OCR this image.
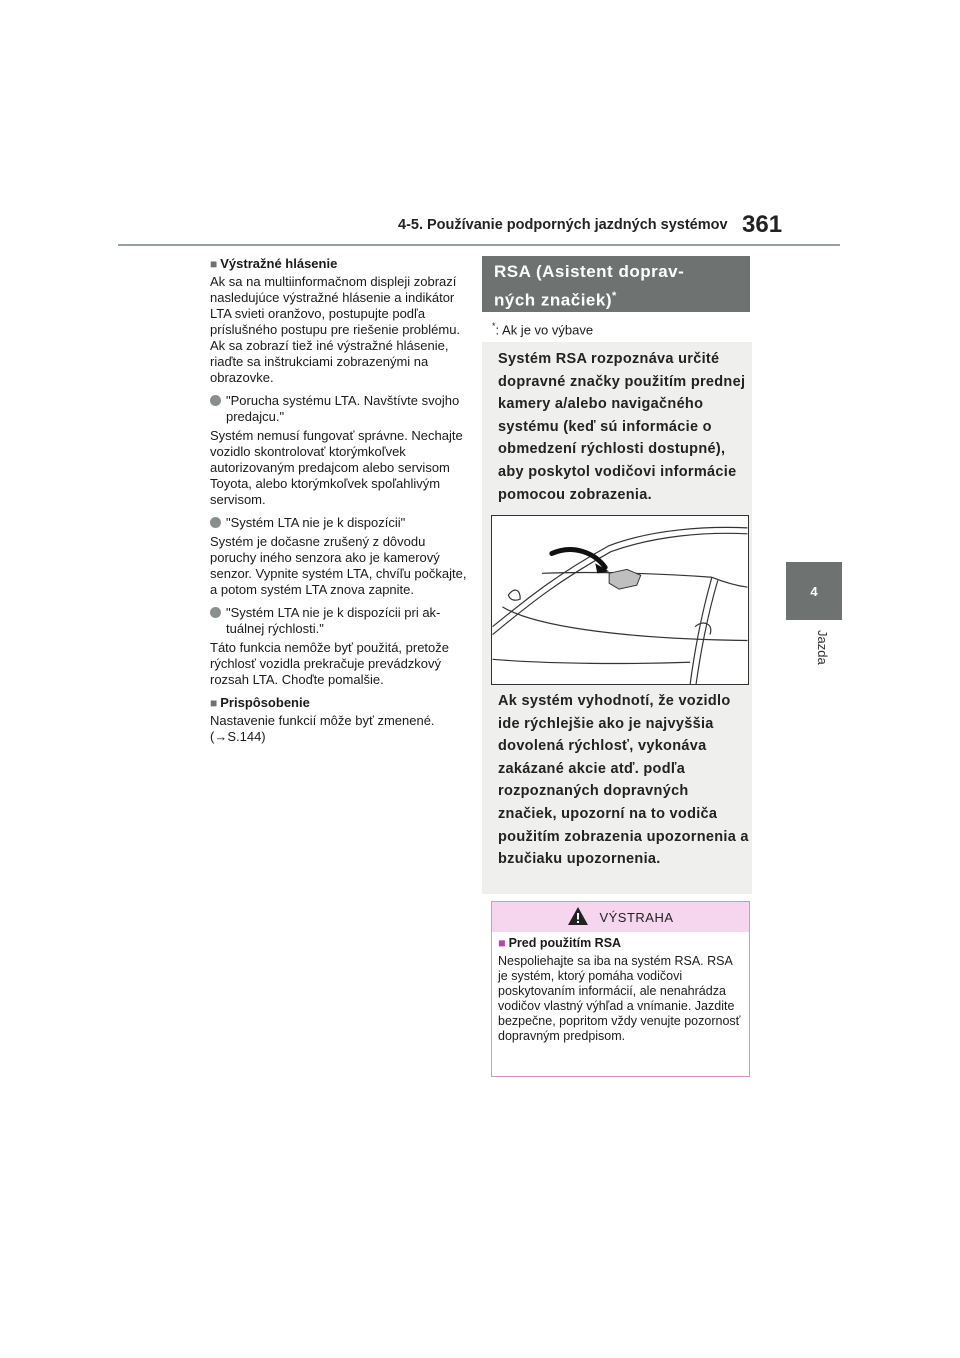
4-5. Používanie podporných jazdných systémov 361
4
Jazda

■ Výstražné hlásenie

Ak sa na multiinformačnom displeji zobrazí nasledujúce výstražné hlásenie a indikátor LTA svieti oranžovo, postupujte podľa príslušného postupu pre riešenie problému. Ak sa zobrazí tiež iné výstražné hlásenie, riaďte sa inštrukciami zobrazenými na obrazovke.

"Porucha systému LTA. Navštívte svojho predajcu."

Systém nemusí fungovať správne. Nechajte vozidlo skontrolovať ktorýmkoľvek autorizovaným predajcom alebo servisom Toyota, alebo ktorýmkoľvek spoľahlivým servisom.

"Systém LTA nie je k dispozícii"

Systém je dočasne zrušený z dôvodu poruchy iného senzora ako je kamerový senzor. Vypnite systém LTA, chvíľu počkajte, a potom systém LTA znova zapnite.

"Systém LTA nie je k dispozícii pri aktuálnej rýchlosti."

Táto funkcia nemôže byť použitá, pretože rýchlosť vozidla prekračuje prevádzkový rozsah LTA. Choďte pomalšie.

■ Prispôsobenie

Nastavenie funkcií môže byť zmenené.
(→S.144)

RSA (Asistent doprav-
ných značiek)*
*: Ak je vo výbave
Systém RSA rozpoznáva určité dopravné značky použitím prednej kamery a/alebo navigačného systému (keď sú informácie o obmedzení rýchlosti dostupné), aby poskytol vodičovi informácie pomocou zobrazenia.
Ak systém vyhodnotí, že vozidlo ide rýchlejšie ako je najvyššia dovolená rýchlosť, vykonáva zakázané akcie atď. podľa rozpoznaných dopravných značiek, upozorní na to vodiča použitím zobrazenia upozornenia a bzučiaku upozornenia.
VÝSTRAHA

■ Pred použitím RSA

Nespoliehajte sa iba na systém RSA. RSA je systém, ktorý pomáha vodičovi poskytovaním informácií, ale nenahrádza vodičov vlastný výhľad a vnímanie. Jazdite bezpečne, popritom vždy venujte pozornosť dopravným predpisom.
